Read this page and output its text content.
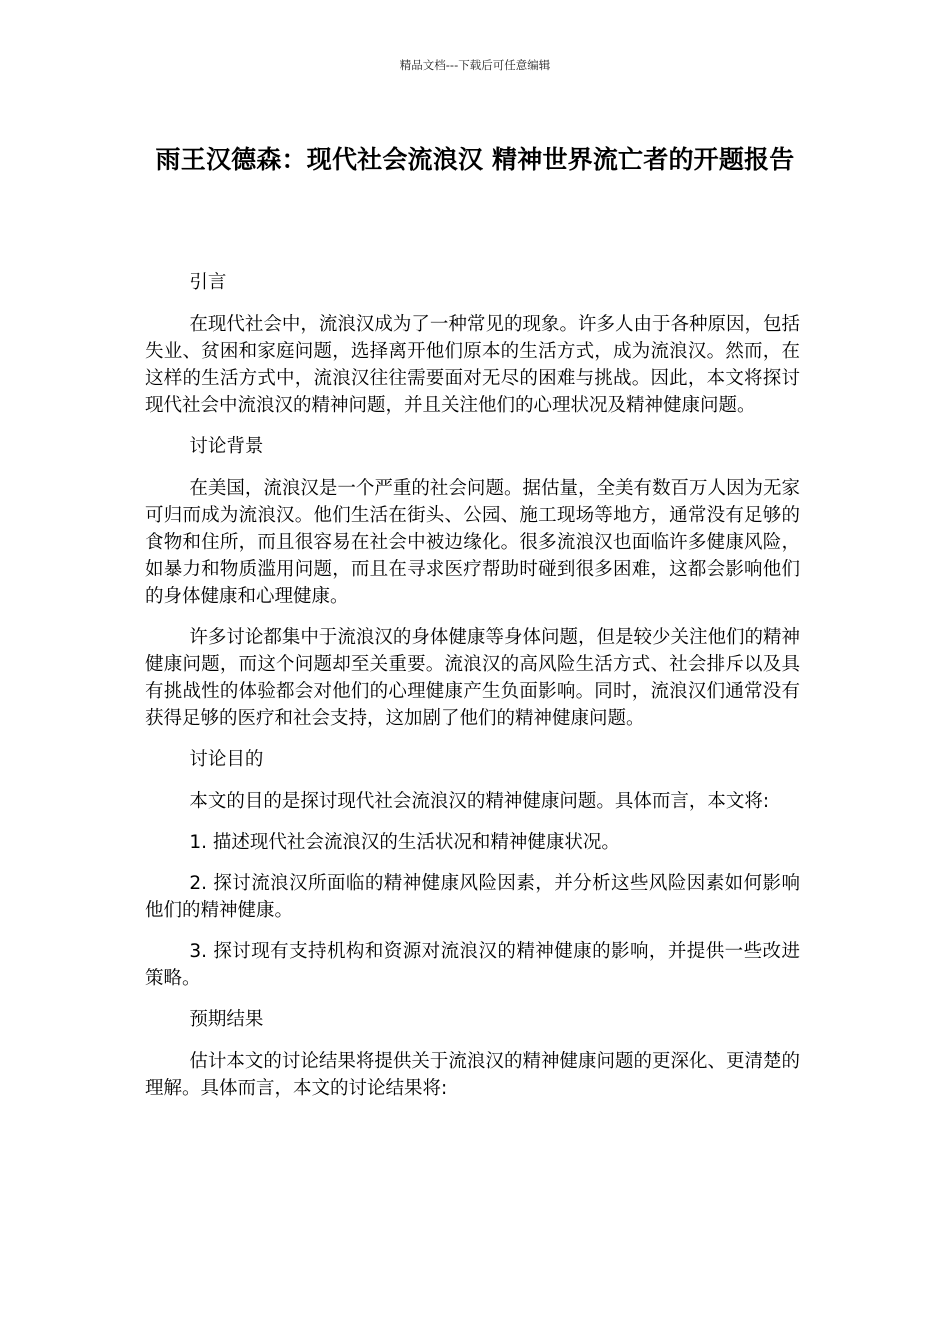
精品文档---下载后可任意编辑
雨王汉德森：现代社会流浪汉 精神世界流亡者的开题报告

引言

在现代社会中，流浪汉成为了一种常见的现象。许多人由于各种原因，包括失业、贫困和家庭问题，选择离开他们原本的生活方式，成为流浪汉。然而，在这样的生活方式中，流浪汉往往需要面对无尽的困难与挑战。因此，本文将探讨现代社会中流浪汉的精神问题，并且关注他们的心理状况及精神健康问题。

讨论背景

在美国，流浪汉是一个严重的社会问题。据估量，全美有数百万人因为无家可归而成为流浪汉。他们生活在街头、公园、施工现场等地方，通常没有足够的食物和住所，而且很容易在社会中被边缘化。很多流浪汉也面临许多健康风险，如暴力和物质滥用问题，而且在寻求医疗帮助时碰到很多困难，这都会影响他们的身体健康和心理健康。

许多讨论都集中于流浪汉的身体健康等身体问题，但是较少关注他们的精神健康问题，而这个问题却至关重要。流浪汉的高风险生活方式、社会排斥以及具有挑战性的体验都会对他们的心理健康产生负面影响。同时，流浪汉们通常没有获得足够的医疗和社会支持，这加剧了他们的精神健康问题。

讨论目的

本文的目的是探讨现代社会流浪汉的精神健康问题。具体而言，本文将:

1. 描述现代社会流浪汉的生活状况和精神健康状况。

2. 探讨流浪汉所面临的精神健康风险因素，并分析这些风险因素如何影响他们的精神健康。

3. 探讨现有支持机构和资源对流浪汉的精神健康的影响，并提供一些改进策略。

预期结果

估计本文的讨论结果将提供关于流浪汉的精神健康问题的更深化、更清楚的理解。具体而言，本文的讨论结果将:
